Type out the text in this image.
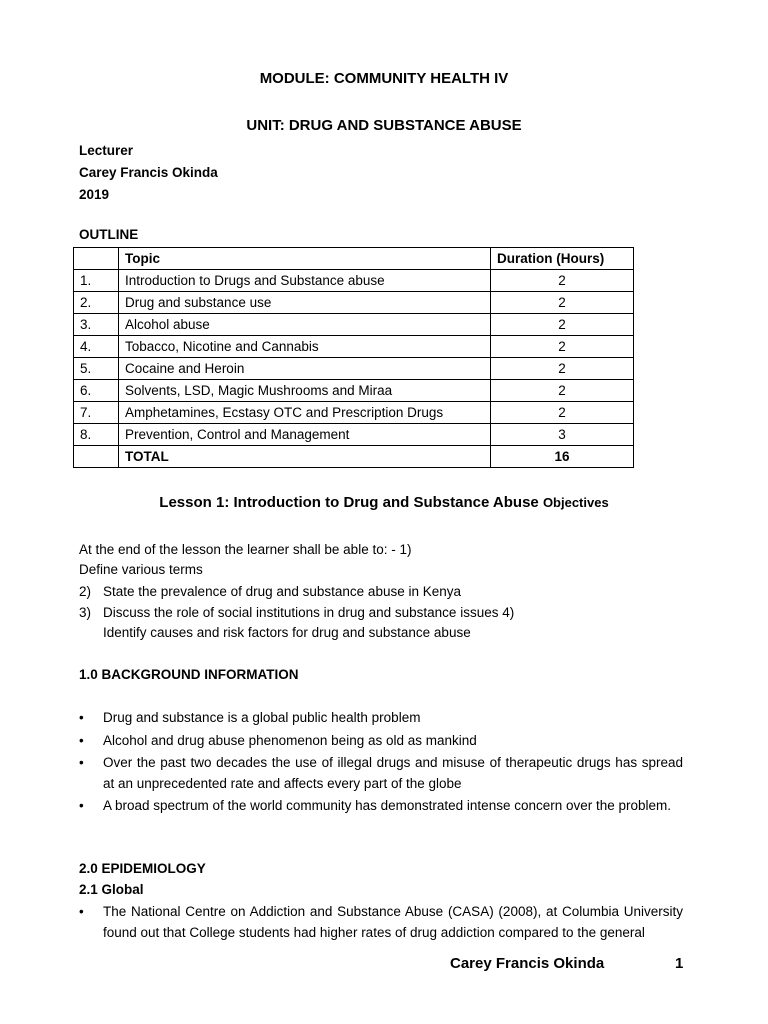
MODULE: COMMUNITY HEALTH IV
UNIT: DRUG AND SUBSTANCE ABUSE
Lecturer
Carey Francis Okinda
2019
OUTLINE
	Topic	Duration (Hours)
1.	Introduction to Drugs and Substance abuse	2
2.	Drug and substance use	2
3.	Alcohol abuse	2
4.	Tobacco, Nicotine and Cannabis	2
5.	Cocaine and Heroin	2
6.	Solvents, LSD, Magic Mushrooms and Miraa	2
7.	Amphetamines, Ecstasy OTC and Prescription Drugs	2
8.	Prevention, Control and Management	3
	TOTAL	16
Lesson 1: Introduction to Drug and Substance Abuse Objectives
At the end of the lesson the learner shall be able to: - 1)
Define various terms
2) State the prevalence of drug and substance abuse in Kenya
3) Discuss the role of social institutions in drug and substance issues 4)
Identify causes and risk factors for drug and substance abuse
1.0 BACKGROUND INFORMATION
• Drug and substance is a global public health problem
• Alcohol and drug abuse phenomenon being as old as mankind
• Over the past two decades the use of illegal drugs and misuse of therapeutic drugs has spread at an unprecedented rate and affects every part of the globe
• A broad spectrum of the world community has demonstrated intense concern over the problem.
2.0 EPIDEMIOLOGY
2.1 Global
• The National Centre on Addiction and Substance Abuse (CASA) (2008), at Columbia University found out that College students had higher rates of drug addiction compared to the general
Carey Francis Okinda	1
